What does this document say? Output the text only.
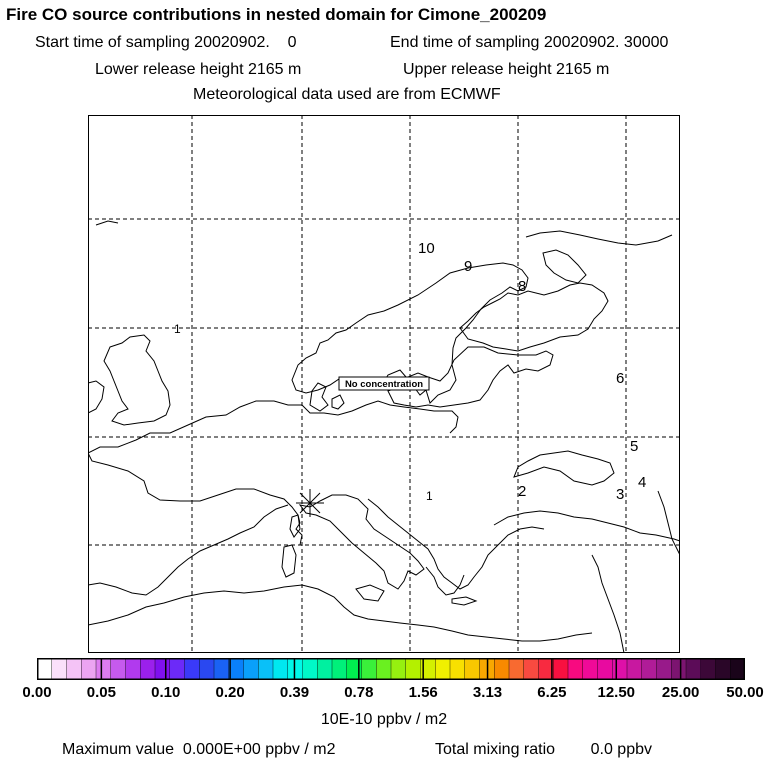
Fire CO source contributions in nested domain for Cimone_200209
Start time of sampling 20020902.    0	End time of sampling 20020902. 30000
Lower release height 2165 m	Upper release height 2165 m
Meteorological data used are from ECMWF
10
9
8
6
5
4
3
2
1
1
No concentration
0.00 0.05 0.10 0.20 0.39 0.78 1.56 3.13 6.25 12.50 25.00 50.00
10E-10 ppbv / m2
Maximum value  0.000E+00 ppbv / m2	Total mixing ratio        0.0 ppbv
